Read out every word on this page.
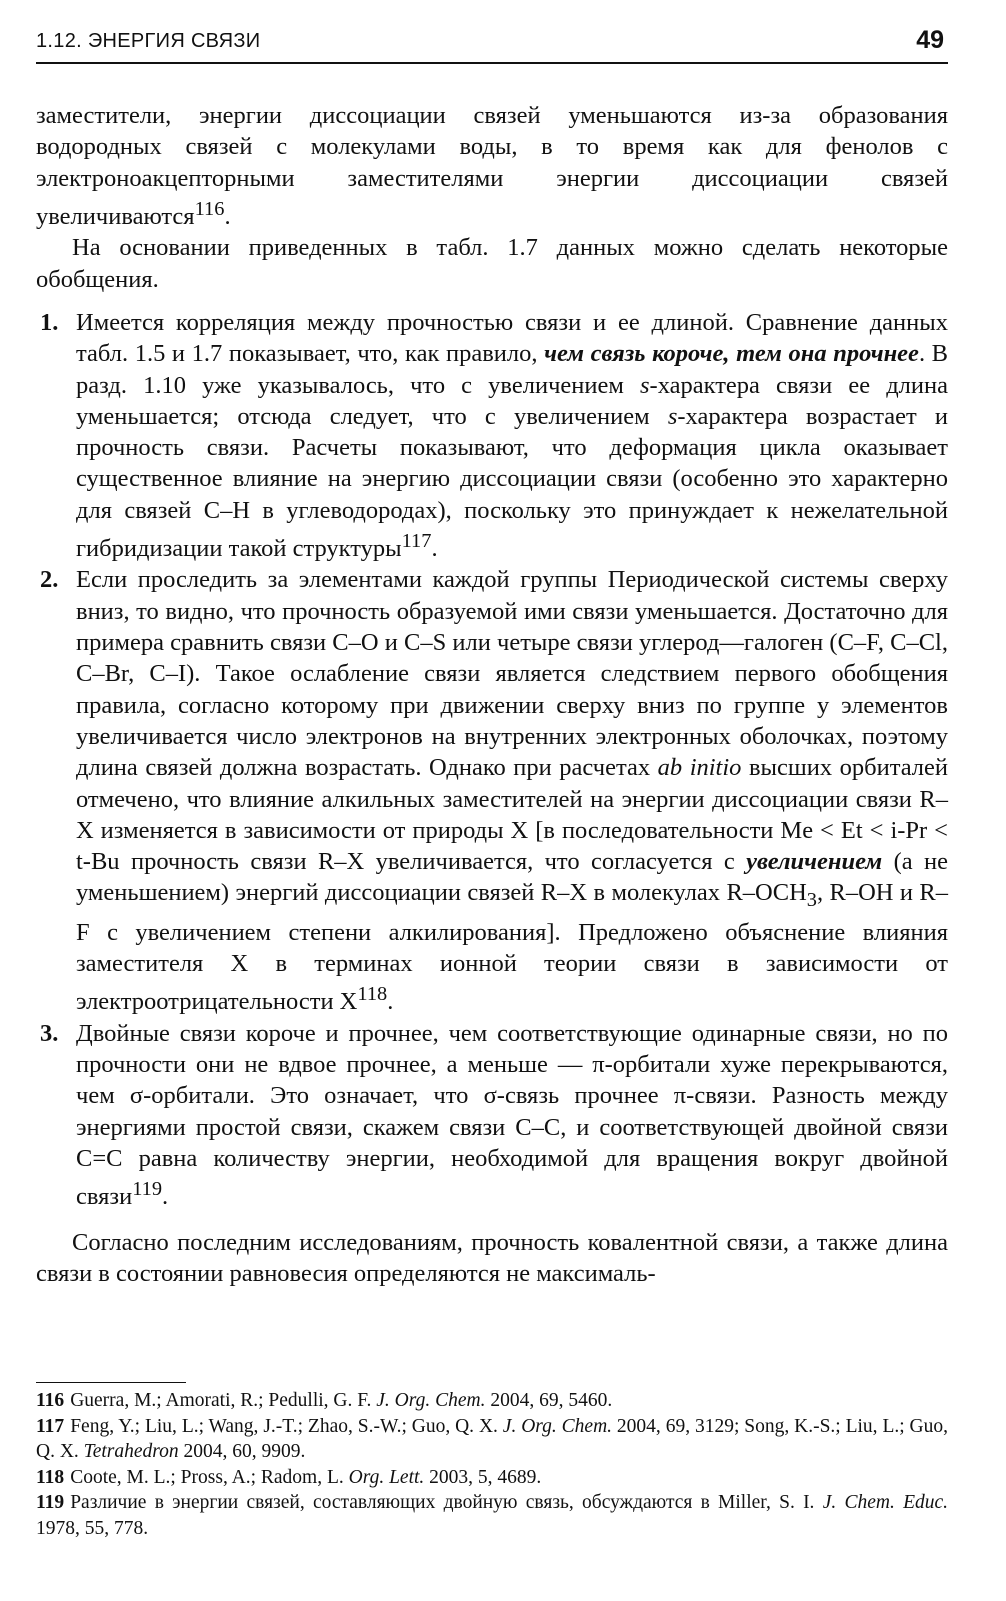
1.12. ЭНЕРГИЯ СВЯЗИ	49

заместители, энергии диссоциации связей уменьшаются из-за образования водородных связей с молекулами воды, в то время как для фенолов с электроноакцепторными заместителями энергии диссоциации связей увеличиваются$^{116}$.

На основании приведенных в табл. 1.7 данных можно сделать некоторые обобщения.

1. Имеется корреляция между прочностью связи и ее длиной. Сравнение данных табл. 1.5 и 1.7 показывает, что, как правило, чем связь короче, тем она прочнее. В разд. 1.10 уже указывалось, что с увеличением s-характера связи ее длина уменьшается; отсюда следует, что с увеличением s-характера возрастает и прочность связи. Расчеты показывают, что деформация цикла оказывает существенное влияние на энергию диссоциации связи (особенно это характерно для связей C–H в углеводородах), поскольку это принуждает к нежелательной гибридизации такой структуры$^{117}$.
2. Если проследить за элементами каждой группы Периодической системы сверху вниз, то видно, что прочность образуемой ими связи уменьшается. Достаточно для примера сравнить связи C–O и C–S или четыре связи углерод—галоген (C–F, C–Cl, C–Br, C–I). Такое ослабление связи является следствием первого обобщения правила, согласно которому при движении сверху вниз по группе у элементов увеличивается число электронов на внутренних электронных оболочках, поэтому длина связей должна возрастать. Однако при расчетах ab initio высших орбиталей отмечено, что влияние алкильных заместителей на энергии диссоциации связи R–X изменяется в зависимости от природы X [в последовательности Me < Et < i-Pr < t-Bu прочность связи R–X увеличивается, что согласуется с увеличением (а не уменьшением) энергий диссоциации связей R–X в молекулах $R-OCH_3$, R–OH и R–F с увеличением степени алкилирования]. Предложено объяснение влияния заместителя X в терминах ионной теории связи в зависимости от электроотрицательности $X^{118}$.
3. Двойные связи короче и прочнее, чем соответствующие одинарные связи, но по прочности они не вдвое прочнее, а меньше — π-орбитали хуже перекрываются, чем σ-орбитали. Это означает, что σ-связь прочнее π-связи. Разность между энергиями простой связи, скажем связи C–C, и соответствующей двойной связи C=C равна количеству энергии, необходимой для вращения вокруг двойной связи$^{119}$.

Согласно последним исследованиям, прочность ковалентной связи, а также длина связи в состоянии равновесия определяются не максималь-

116 Guerra, M.; Amorati, R.; Pedulli, G. F. J. Org. Chem. 2004, 69, 5460.

117 Feng, Y.; Liu, L.; Wang, J.-T.; Zhao, S.-W.; Guo, Q. X. J. Org. Chem. 2004, 69, 3129; Song, K.-S.; Liu, L.; Guo, Q. X. Tetrahedron 2004, 60, 9909.

118 Coote, M. L.; Pross, A.; Radom, L. Org. Lett. 2003, 5, 4689.

119 Различие в энергии связей, составляющих двойную связь, обсуждаются в Miller, S. I. J. Chem. Educ. 1978, 55, 778.
